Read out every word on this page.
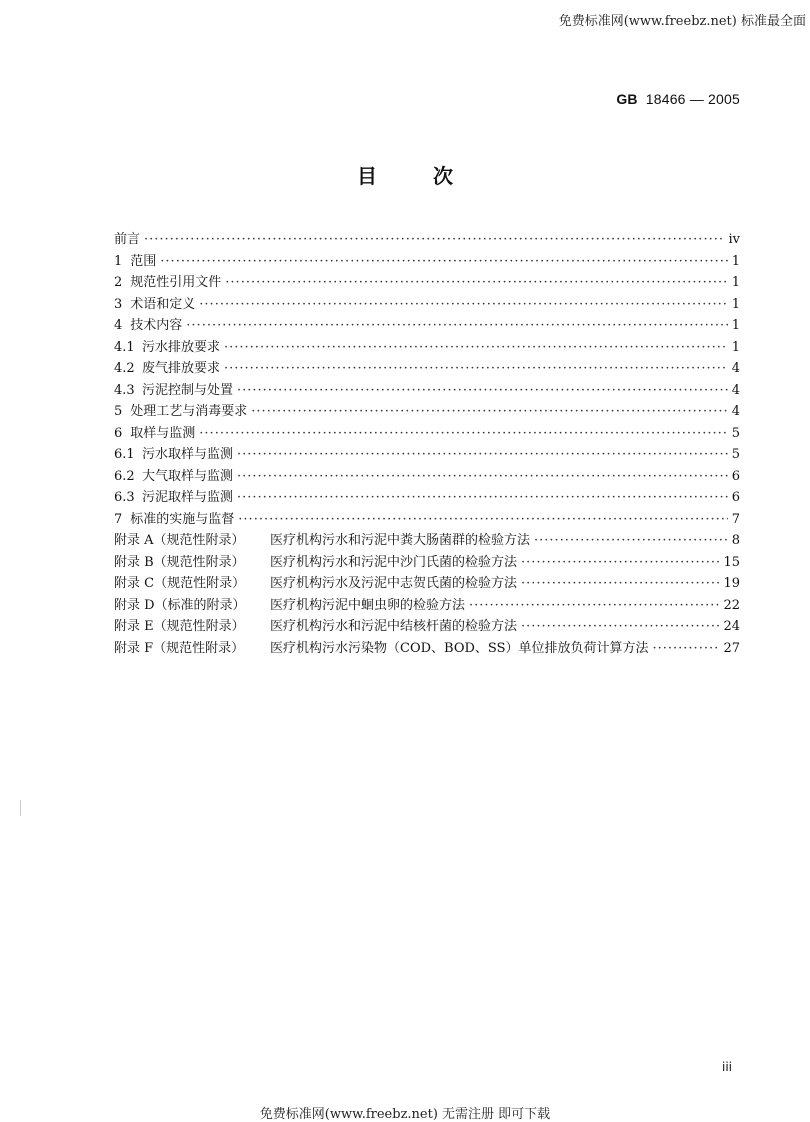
免费标准网(www.freebz.net) 标准最全面
GB 18466 — 2005
目	次
前言 ·····	iv
1 范围 ·····	1
2 规范性引用文件 ·····	1
3 术语和定义 ·····	1
4 技术内容 ·····	1
4.1 污水排放要求 ·····	1
4.2 废气排放要求 ·····	4
4.3 污泥控制与处置 ·····	4
5 处理工艺与消毒要求 ·····	4
6 取样与监测 ·····	5
6.1 污水取样与监测 ·····	5
6.2 大气取样与监测 ·····	6
6.3 污泥取样与监测 ·····	6
7 标准的实施与监督 ·····	7
附录 A（规范性附录）	医疗机构污水和污泥中粪大肠菌群的检验方法 ·····	8
附录 B（规范性附录）	医疗机构污水和污泥中沙门氏菌的检验方法 ·····	15
附录 C（规范性附录）	医疗机构污水及污泥中志贺氏菌的检验方法 ·····	19
附录 D（标准的附录）	医疗机构污泥中蛔虫卵的检验方法 ·····	22
附录 E（规范性附录）	医疗机构污水和污泥中结核杆菌的检验方法 ·····	24
附录 F（规范性附录）	医疗机构污水污染物（COD、BOD、SS）单位排放负荷计算方法 ·····	27
iii
免费标准网(www.freebz.net) 无需注册 即可下载
